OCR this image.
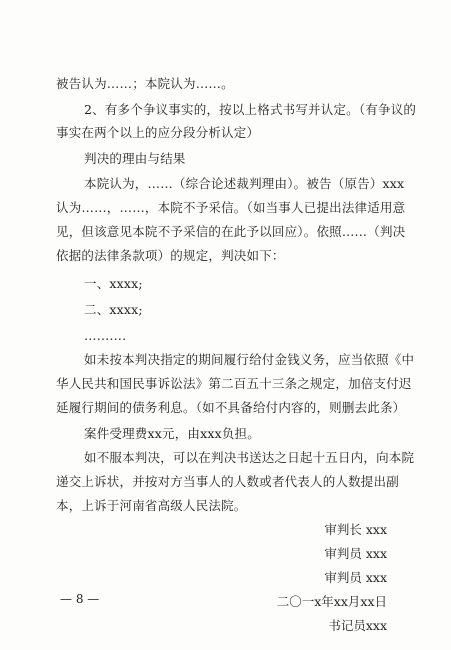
被告认为……；本院认为……。
2、有多个争议事实的，按以上格式书写并认定。（有争议的
事实在两个以上的应分段分析认定）
判决的理由与结果
本院认为，……（综合论述裁判理由）。被告（原告）xxx
认为……，……，本院不予采信。（如当事人已提出法律适用意
见，但该意见本院不予采信的在此予以回应）。依照……（判决
依据的法律条款项）的规定，判决如下：
一、xxxx;
二、xxxx;
……….
如未按本判决指定的期间履行给付金钱义务，应当依照《中
华人民共和国民事诉讼法》第二百五十三条之规定，加倍支付迟
延履行期间的债务利息。（如不具备给付内容的，则删去此条）
案件受理费xx元，由xxx负担。
如不服本判决，可以在判决书送达之日起十五日内，向本院
递交上诉状，并按对方当事人的人数或者代表人的人数提出副
本，上诉于河南省高级人民法院。
审判长 xxx
审判员 xxx
审判员 xxx
二〇一x年xx月xx日
书记员xxx
— 8 —
